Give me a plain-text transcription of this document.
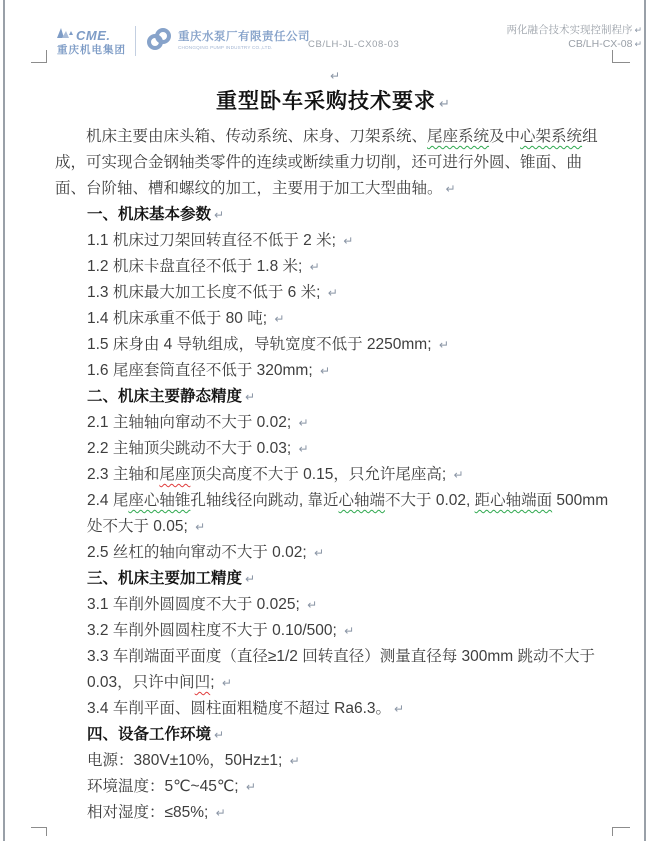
CME.
重庆机电集团
重庆水泵厂有限责任公司
CHONGQING PUMP INDUSTRY CO.,LTD.	CB/LH-JL-CX08-03
两化融合技术实现控制程序 ↵
CB/LH-CX-08 ↵
↵
重型卧车采购技术要求 ↵
机床主要由床头箱、传动系统、床身、刀架系统、尾座系统及中心架系统组成，可实现合金钢轴类零件的连续或断续重力切削，还可进行外圆、锥面、曲面、台阶轴、槽和螺纹的加工，主要用于加工大型曲轴。 ↵
一、机床基本参数 ↵
1.1 机床过刀架回转直径不低于 2 米; ↵
1.2 机床卡盘直径不低于 1.8 米; ↵
1.3 机床最大加工长度不低于 6 米; ↵
1.4 机床承重不低于 80 吨; ↵
1.5 床身由 4 导轨组成，导轨宽度不低于 2250mm; ↵
1.6 尾座套筒直径不低于 320mm; ↵
二、机床主要静态精度 ↵
2.1 主轴轴向窜动不大于 0.02; ↵
2.2 主轴顶尖跳动不大于 0.03; ↵
2.3 主轴和尾座顶尖高度不大于 0.15，只允许尾座高; ↵
2.4 尾座心轴锥孔轴线径向跳动, 靠近心轴端不大于 0.02, 距心轴端面 500mm 处不大于 0.05; ↵
2.5 丝杠的轴向窜动不大于 0.02; ↵
三、机床主要加工精度 ↵
3.1 车削外圆圆度不大于 0.025; ↵
3.2 车削外圆圆柱度不大于 0.10/500; ↵
3.3 车削端面平面度（直径≥1/2 回转直径）测量直径每 300mm 跳动不大于 0.03，只许中间凹; ↵
3.4 车削平面、圆柱面粗糙度不超过 Ra6.3。 ↵
四、设备工作环境 ↵
电源：380V±10%，50Hz±1; ↵
环境温度：5℃~45℃; ↵
相对湿度：≤85%; ↵
